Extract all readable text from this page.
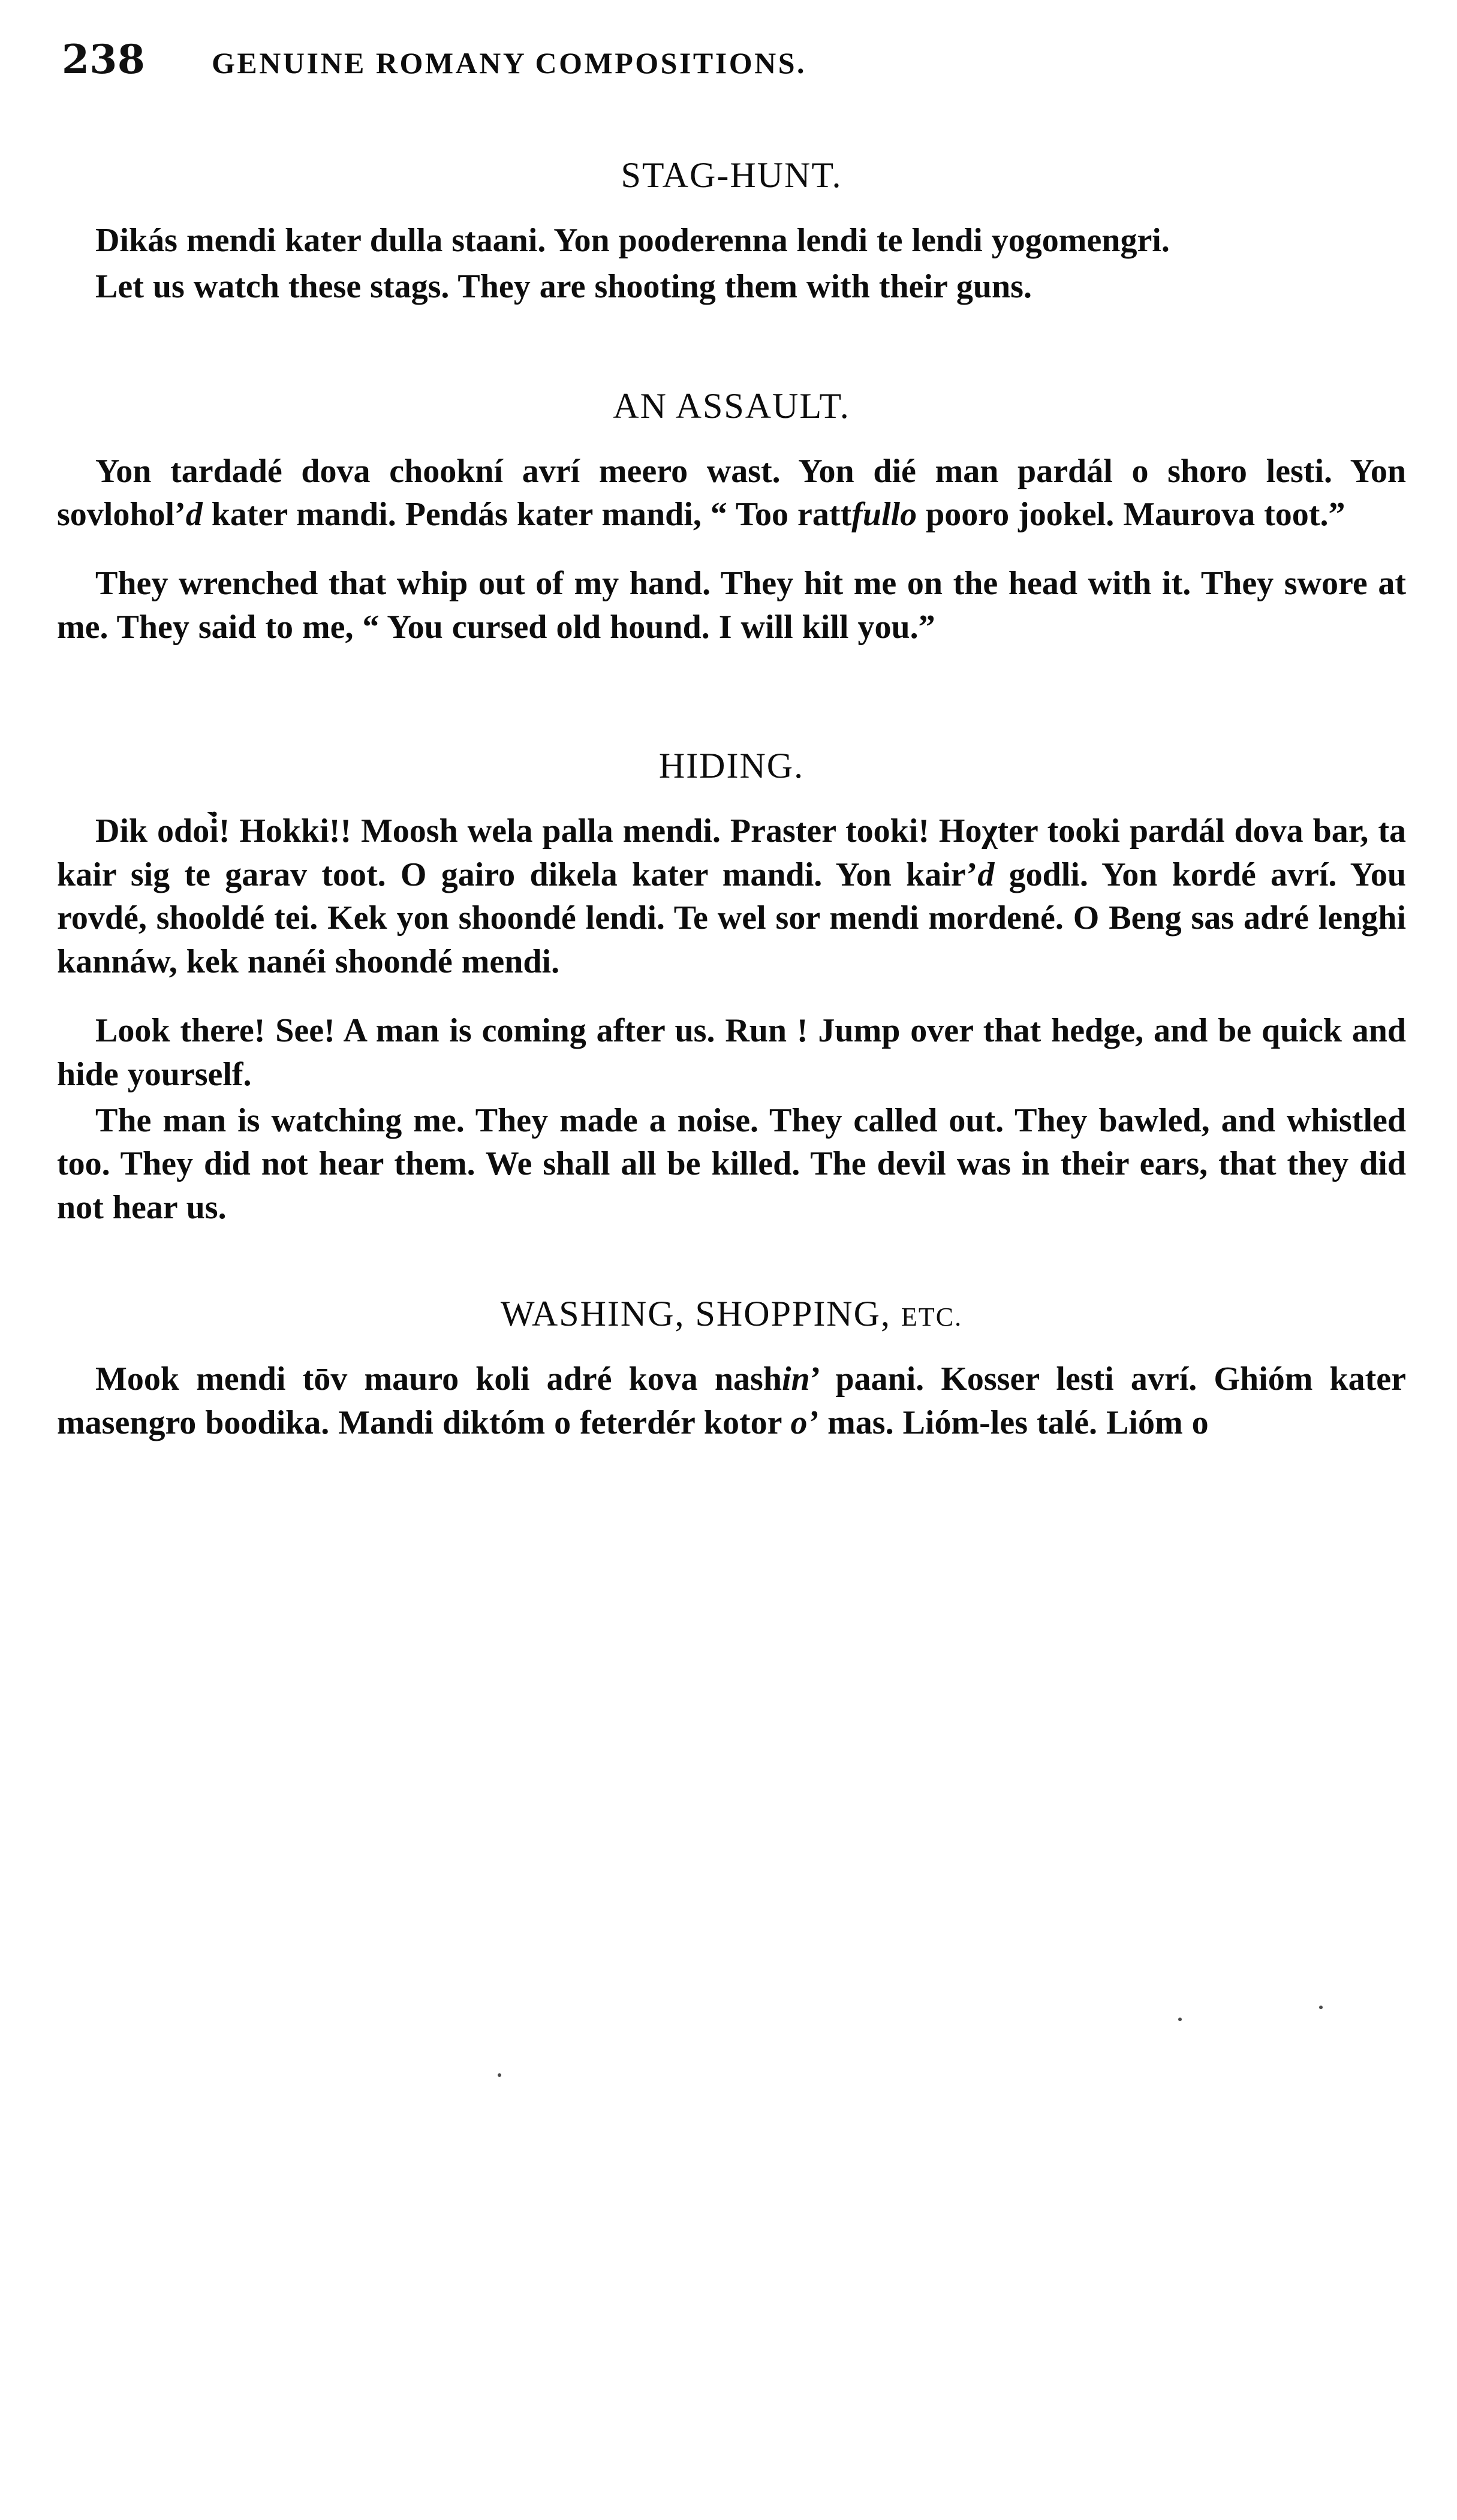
238	GENUINE ROMANY COMPOSITIONS.
STAG-HUNT.

Dikás mendi kater dulla staani. Yon pooderenna lendi te lendi yogomengri.

Let us watch these stags. They are shooting them with their guns.

AN ASSAULT.

Yon tardadé dova chookní avrí meero wast. Yon dié man pardál o shoro lesti. Yon sovlohol’d kater mandi. Pendás kater mandi, “ Too rattfullo pooro jookel. Maurova toot.”

They wrenched that whip out of my hand. They hit me on the head with it. They swore at me. They said to me, “ You cursed old hound. I will kill you.”

HIDING.

Dik odoi̇̀! Hokki!! Moosh wela palla mendi. Praster tooki! Hoχter tooki pardál dova bar, ta kair sig te garav toot. O gairo dikela kater mandi. Yon kair’d godli. Yon kordé avrí. You rovdé, shooldé tei. Kek yon shoondé lendi. Te wel sor mendi mordené. O Beng sas adré lenghi kannáw, kek nanéi shoondé mendi.

Look there! See! A man is coming after us. Run ! Jump over that hedge, and be quick and hide yourself.

The man is watching me. They made a noise. They called out. They bawled, and whistled too. They did not hear them. We shall all be killed. The devil was in their ears, that they did not hear us.

WASHING, SHOPPING, ETC.

Mook mendi tōv mauro koli adré kova nashin’ paani. Kosser lesti avrí. Ghióm kater masengro boodika. Mandi diktóm o feterdér kotor o’ mas. Lióm-les talé. Lióm o
